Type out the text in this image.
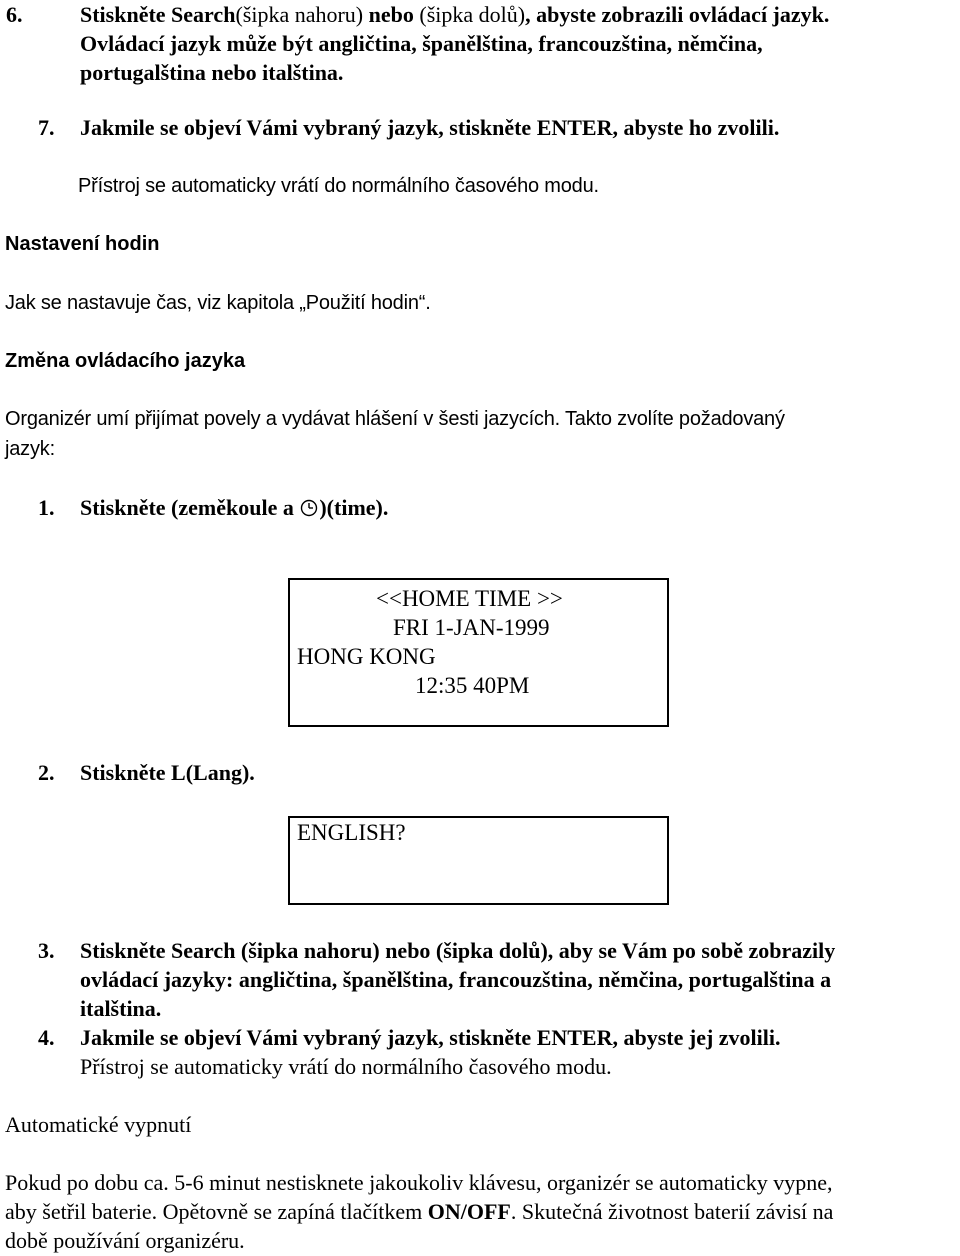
6.	Stiskněte Search(šipka nahoru) nebo (šipka dolů), abyste zobrazili ovládací jazyk.
Ovládací jazyk může být angličtina, španělština, francouzština, němčina,
portugalština nebo italština.
7. Jakmile se objeví Vámi vybraný jazyk, stiskněte ENTER, abyste ho zvolili.
Přístroj se automaticky vrátí do normálního časového modu.
Nastavení hodin
Jak se nastavuje čas, viz kapitola „Použití hodin“.
Změna ovládacího jazyka
Organizér umí přijímat povely a vydávat hlášení v šesti jazycích. Takto zvolíte požadovaný
jazyk:
1. Stiskněte (zeměkoule a
)(time).
<<HOME TIME >>
FRI 1-JAN-1999
HONG KONG
12:35 40PM
2. Stiskněte L(Lang).
ENGLISH?
3. Stiskněte Search (šipka nahoru) nebo (šipka dolů), aby se Vám po sobě zobrazily
ovládací jazyky: angličtina, španělština, francouzština, němčina, portugalština a
italština.
4. Jakmile se objeví Vámi vybraný jazyk, stiskněte ENTER, abyste jej zvolili.
Přístroj se automaticky vrátí do normálního časového modu.
Automatické vypnutí
Pokud po dobu ca. 5-6 minut nestisknete jakoukoliv klávesu, organizér se automaticky vypne,
aby šetřil baterie. Opětovně se zapíná tlačítkem ON/OFF. Skutečná životnost baterií závisí na
době používání organizéru.
